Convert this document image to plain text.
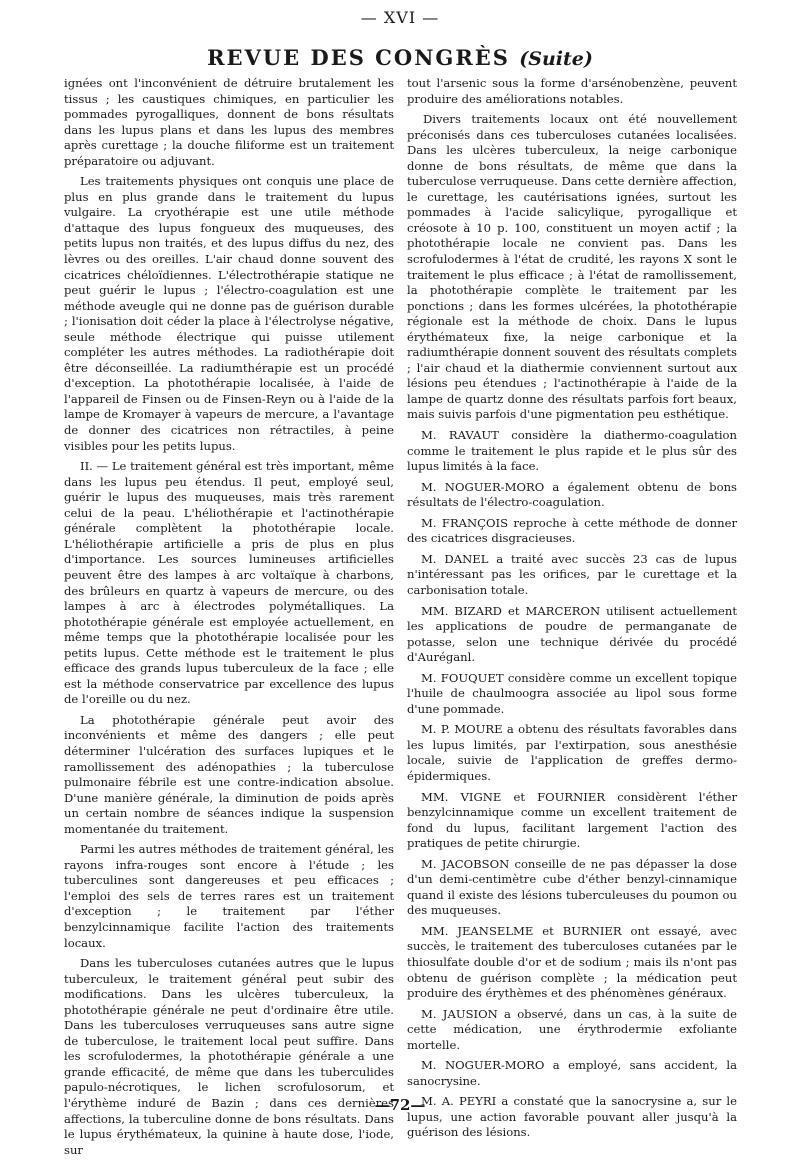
— XVI —
REVUE DES CONGRÈS (Suite)

ignées ont l'inconvénient de détruire brutalement les tissus ; les caustiques chimiques, en particulier les pommades pyrogalliques, donnent de bons résultats dans les lupus plans et dans les lupus des membres après curettage ; la douche filiforme est un traitement préparatoire ou adjuvant.

Les traitements physiques ont conquis une place de plus en plus grande dans le traitement du lupus vulgaire. La cryothérapie est une utile méthode d'attaque des lupus fongueux des muqueuses, des petits lupus non traités, et des lupus diffus du nez, des lèvres ou des oreilles. L'air chaud donne souvent des cicatrices chéloïdiennes. L'électrothérapie statique ne peut guérir le lupus ; l'électro-coagulation est une méthode aveugle qui ne donne pas de guérison durable ; l'ionisation doit céder la place à l'électrolyse négative, seule méthode électrique qui puisse utilement compléter les autres méthodes. La radiothérapie doit être déconseillée. La radiumthérapie est un procédé d'exception. La photothérapie localisée, à l'aide de l'appareil de Finsen ou de Finsen-Reyn ou à l'aide de la lampe de Kromayer à vapeurs de mercure, a l'avantage de donner des cicatrices non rétractiles, à peine visibles pour les petits lupus.

II. — Le traitement général est très important, même dans les lupus peu étendus. Il peut, employé seul, guérir le lupus des muqueuses, mais très rarement celui de la peau. L'héliothérapie et l'actinothérapie générale complètent la photothérapie locale. L'héliothérapie artificielle a pris de plus en plus d'importance. Les sources lumineuses artificielles peuvent être des lampes à arc voltaïque à charbons, des brûleurs en quartz à vapeurs de mercure, ou des lampes à arc à électrodes polymétalliques. La photothérapie générale est employée actuellement, en même temps que la photothérapie localisée pour les petits lupus. Cette méthode est le traitement le plus efficace des grands lupus tuberculeux de la face ; elle est la méthode conservatrice par excellence des lupus de l'oreille ou du nez.

La photothérapie générale peut avoir des inconvénients et même des dangers ; elle peut déterminer l'ulcération des surfaces lupiques et le ramollissement des adénopathies ; la tuberculose pulmonaire fébrile est une contre-indication absolue. D'une manière générale, la diminution de poids après un certain nombre de séances indique la suspension momentanée du traitement.

Parmi les autres méthodes de traitement général, les rayons infra-rouges sont encore à l'étude ; les tuberculines sont dangereuses et peu efficaces ; l'emploi des sels de terres rares est un traitement d'exception ; le traitement par l'éther benzylcinnamique facilite l'action des traitements locaux.

Dans les tuberculoses cutanées autres que le lupus tuberculeux, le traitement général peut subir des modifications. Dans les ulcères tuberculeux, la photothérapie générale ne peut d'ordinaire être utile. Dans les tuberculoses verruqueuses sans autre signe de tuberculose, le traitement local peut suffire. Dans les scrofulodermes, la photothérapie générale a une grande efficacité, de même que dans les tuberculides papulo-nécrotiques, le lichen scrofulosorum, et l'érythème induré de Bazin ; dans ces dernières affections, la tuberculine donne de bons résultats. Dans le lupus érythémateux, la quinine à haute dose, l'iode, sur

tout l'arsenic sous la forme d'arsénobenzène, peuvent produire des améliorations notables.

Divers traitements locaux ont été nouvellement préconisés dans ces tuberculoses cutanées localisées. Dans les ulcères tuberculeux, la neige carbonique donne de bons résultats, de même que dans la tuberculose verruqueuse. Dans cette dernière affection, le curettage, les cautérisations ignées, surtout les pommades à l'acide salicylique, pyrogallique et créosote à 10 p. 100, constituent un moyen actif ; la photothérapie locale ne convient pas. Dans les scrofulodermes à l'état de crudité, les rayons X sont le traitement le plus efficace ; à l'état de ramollissement, la photothérapie complète le traitement par les ponctions ; dans les formes ulcérées, la photothérapie régionale est la méthode de choix. Dans le lupus érythémateux fixe, la neige carbonique et la radiumthérapie donnent souvent des résultats complets ; l'air chaud et la diathermie conviennent surtout aux lésions peu étendues ; l'actinothérapie à l'aide de la lampe de quartz donne des résultats parfois fort beaux, mais suivis parfois d'une pigmentation peu esthétique.

M. RAVAUT considère la diathermo-coagulation comme le traitement le plus rapide et le plus sûr des lupus limités à la face.

M. NOGUER-MORO a également obtenu de bons résultats de l'électro-coagulation.

M. FRANÇOIS reproche à cette méthode de donner des cicatrices disgracieuses.

M. DANEL a traité avec succès 23 cas de lupus n'intéressant pas les orifices, par le curettage et la carbonisation totale.

MM. BIZARD et MARCERON utilisent actuellement les applications de poudre de permanganate de potasse, selon une technique dérivée du procédé d'Auréganl.

M. FOUQUET considère comme un excellent topique l'huile de chaulmoogra associée au lipol sous forme d'une pommade.

M. P. MOURE a obtenu des résultats favorables dans les lupus limités, par l'extirpation, sous anesthésie locale, suivie de l'application de greffes dermo-épidermiques.

MM. VIGNE et FOURNIER considèrent l'éther benzylcinnamique comme un excellent traitement de fond du lupus, facilitant largement l'action des pratiques de petite chirurgie.

M. JACOBSON conseille de ne pas dépasser la dose d'un demi-centimètre cube d'éther benzyl-cinnamique quand il existe des lésions tuberculeuses du poumon ou des muqueuses.

MM. JEANSELME et BURNIER ont essayé, avec succès, le traitement des tuberculoses cutanées par le thiosulfate double d'or et de sodium ; mais ils n'ont pas obtenu de guérison complète ; la médication peut produire des érythèmes et des phénomènes généraux.

M. JAUSION a observé, dans un cas, à la suite de cette médication, une érythrodermie exfoliante mortelle.

M. NOGUER-MORO a employé, sans accident, la sanocrysine.

M. A. PEYRI a constaté que la sanocrysine a, sur le lupus, une action favorable pouvant aller jusqu'à la guérison des lésions.

—72—
